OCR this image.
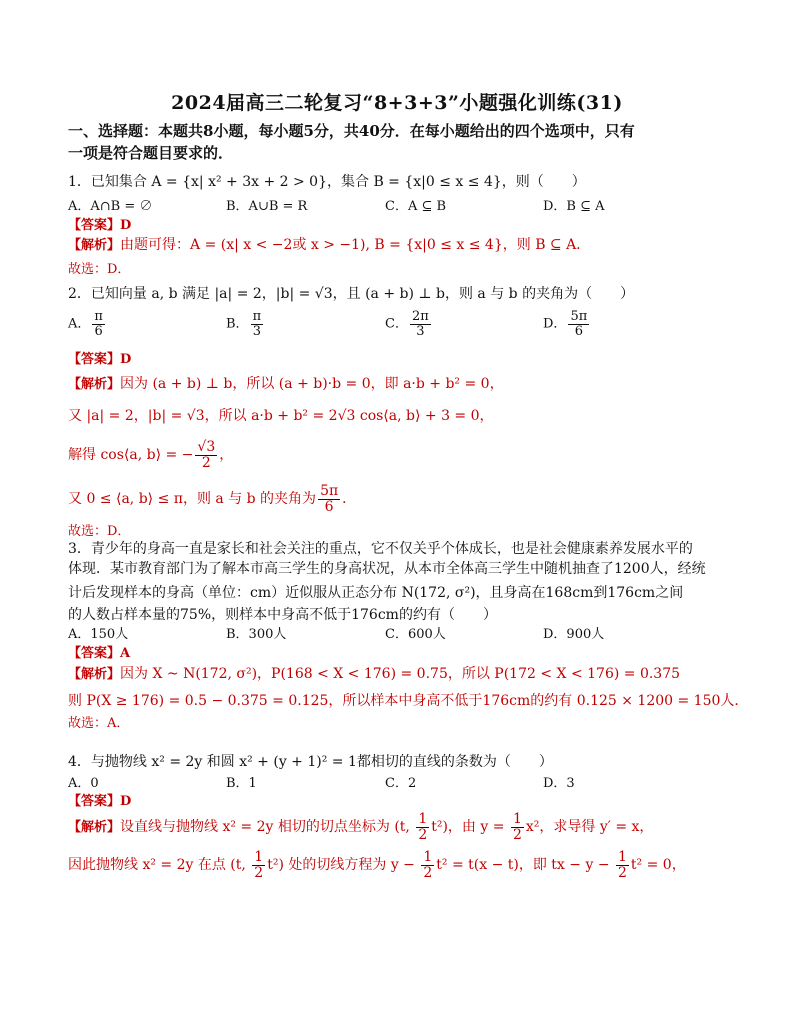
2024届高三二轮复习“8+3+3”小题强化训练(31)
一、选择题：本题共8小题，每小题5分，共40分．在每小题给出的四个选项中，只有
一项是符合题目要求的．
1．已知集合 A = {x| x² + 3x + 2 > 0}，集合 B = {x|0 ≤ x ≤ 4}，则（　　）
A．A∩B = ∅	B．A∪B = R	C．A ⊆ B	D．B ⊆ A
【答案】D
【解析】由题可得：A = (x| x < −2或 x > −1), B = {x|0 ≤ x ≤ 4}，则 B ⊆ A．
故选：D．
2．已知向量 a, b 满足 |a| = 2，|b| = √3，且 (a + b) ⊥ b，则 a 与 b 的夹角为（　　）
A． $\frac{\pi}{6}$	B． $\frac{\pi}{3}$	C． $\frac{2\pi}{3}$	D． $\frac{5\pi}{6}$
【答案】D
【解析】因为 (a + b) ⊥ b，所以 (a + b)·b = 0，即 a·b + b² = 0，
又 |a| = 2，|b| = √3，所以 a·b + b² = 2√3 cos⟨a, b⟩ + 3 = 0，
解得 cos⟨a, b⟩ = − $\frac{√3}{2}$ ，
又 0 ≤ ⟨a, b⟩ ≤ π，则 a 与 b 的夹角为 $\frac{5\pi}{6}$ ．
故选：D．
3．青少年的身高一直是家长和社会关注的重点，它不仅关乎个体成长，也是社会健康素养发展水平的
体现．某市教育部门为了解本市高三学生的身高状况，从本市全体高三学生中随机抽查了1200人，经统
计后发现样本的身高（单位：cm）近似服从正态分布 N(172, σ²)，且身高在168cm到176cm之间
的人数占样本量的75%，则样本中身高不低于176cm的约有（　　）
A．150人	B．300人	C．600人	D．900人
【答案】A
【解析】因为 X ~ N(172, σ²)，P(168 < X < 176) = 0.75，所以 P(172 < X < 176) = 0.375
则 P(X ≥ 176) = 0.5 − 0.375 = 0.125，所以样本中身高不低于176cm的约有 0.125 × 1200 = 150人．
故选：A．
4．与抛物线 x² = 2y 和圆 x² + (y + 1)² = 1都相切的直线的条数为（　　）
A．0	B．1	C．2	D．3
【答案】D
【解析】设直线与抛物线 x² = 2y 相切的切点坐标为 (t, $\frac{1}{2} t^2$)，由 $y = \frac{1}{2} x^2$，求导得 y′ = x，
因此抛物线 x² = 2y 在点 (t, $\frac{1}{2} t^2$) 处的切线方程为 $y - \frac{1}{2} t^2 = t(x - t)$，即 tx − $y - \frac{1}{2} t^2 = 0$，
